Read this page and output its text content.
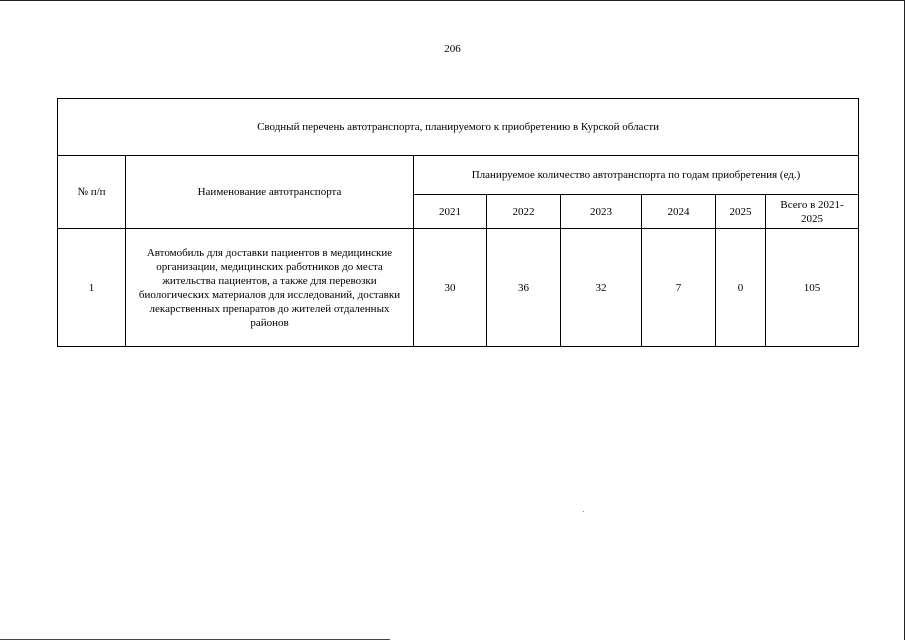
206
Сводный перечень автотранспорта, планируемого к приобретению в Курской области							
№ п/п	Наименование автотранспорта	Планируемое количество автотранспорта по годам приобретения (ед.)					
		2021	2022	2023	2024	2025	Всего в 2021-2025
1	Автомобиль для доставки пациентов в медицинские организации, медицинских работников до места жительства пациентов, а также для перевозки биологических материалов для исследований, доставки лекарственных препаратов до жителей отдаленных районов	30	36	32	7	0	105
